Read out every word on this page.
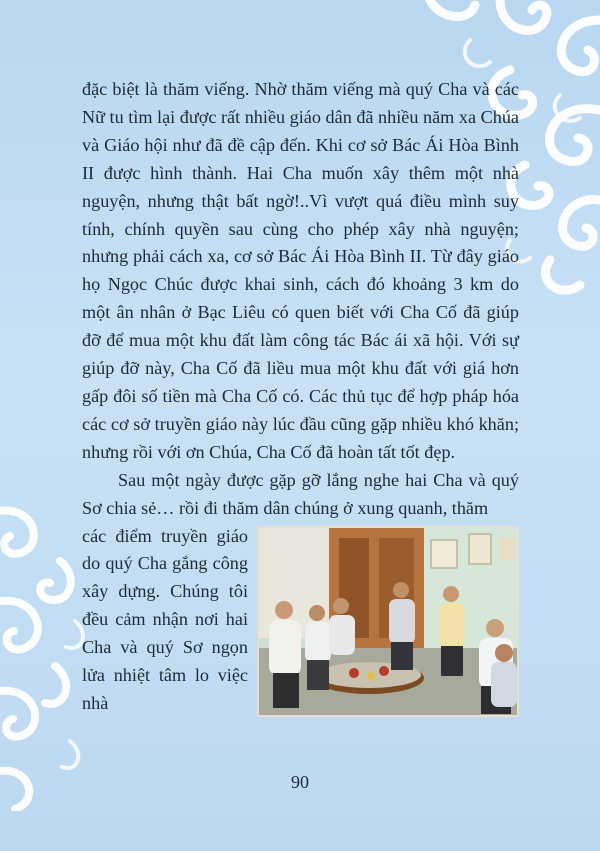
đặc biệt là thăm viếng. Nhờ thăm viếng mà quý Cha và các Nữ tu tìm lại được rất nhiều giáo dân đã nhiều năm xa Chúa và Giáo hội như đã đề cập đến. Khi cơ sở Bác Ái Hòa Bình II được hình thành. Hai Cha muốn xây thêm một nhà nguyện, nhưng thật bất ngờ!..Vì vượt quá điều mình suy tính, chính quyền sau cùng cho phép xây nhà nguyện; nhưng phải cách xa, cơ sở Bác Ái Hòa Bình II. Từ đây giáo họ Ngọc Chúc được khai sinh, cách đó khoảng 3 km do một ân nhân ở Bạc Liêu có quen biết với Cha Cố đã giúp đỡ để mua một khu đất làm công tác Bác ái xã hội. Với sự giúp đỡ này, Cha Cố đã liều mua một khu đất với giá hơn gấp đôi số tiền mà Cha Cố có. Các thủ tục để hợp pháp hóa các cơ sở truyền giáo này lúc đầu cũng gặp nhiều khó khăn; nhưng rồi với ơn Chúa, Cha Cố đã hoàn tất tốt đẹp.

Sau một ngày được gặp gỡ lắng nghe hai Cha và quý Sơ chia sẻ… rồi đi thăm dân chúng ở xung quanh, thăm

các điểm truyền giáo do quý Cha gắng công xây dựng. Chúng tôi đều cảm nhận nơi hai Cha và quý Sơ ngọn lửa nhiệt tâm lo việc nhà

90
